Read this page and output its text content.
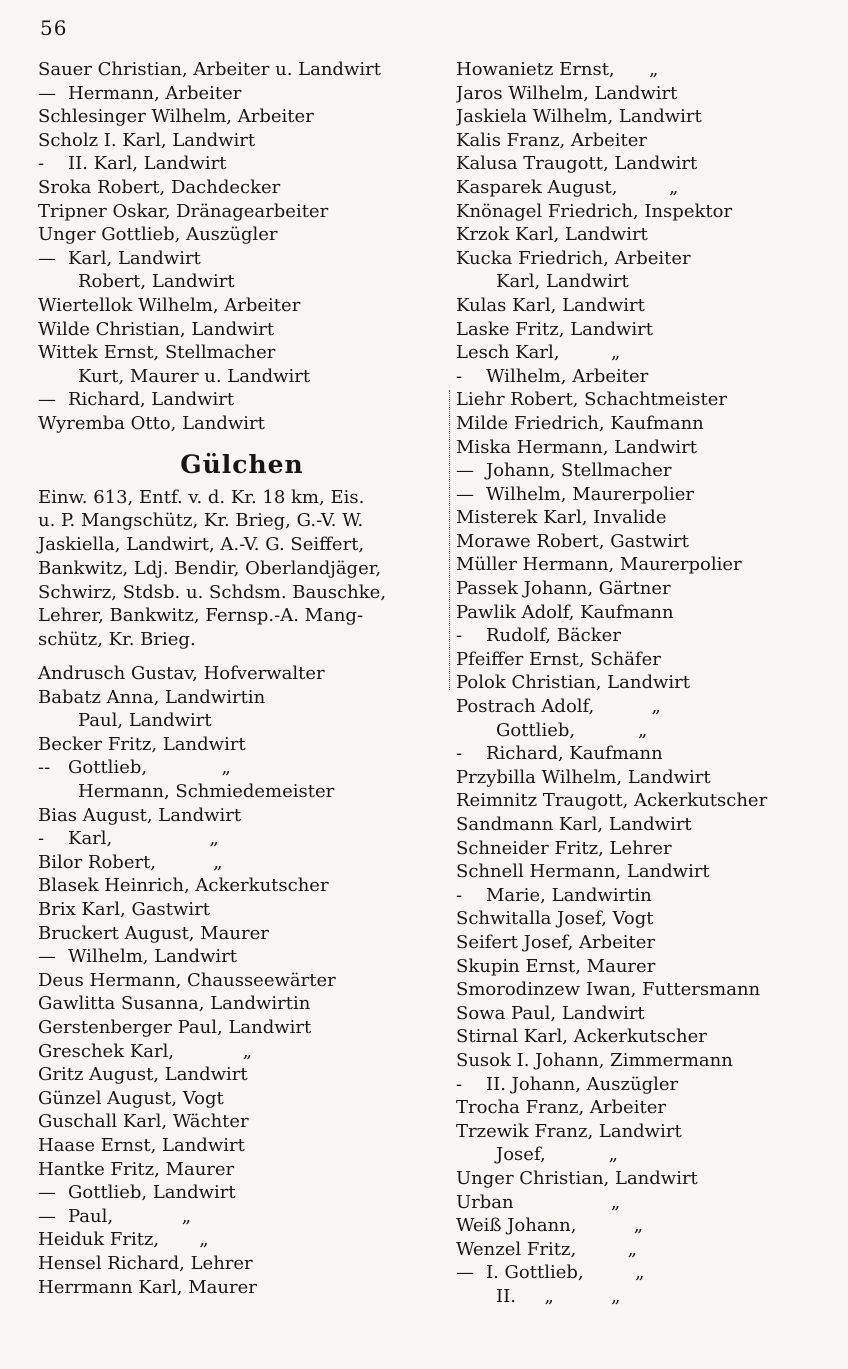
56
Sauer Christian, Arbeiter u. Landwirt
— Hermann, Arbeiter
Schlesinger Wilhelm, Arbeiter
Scholz I. Karl, Landwirt
- II. Karl, Landwirt
Sroka Robert, Dachdecker
Tripner Oskar, Dränagearbeiter
Unger Gottlieb, Auszügler
— Karl, Landwirt
Robert, Landwirt
Wiertellok Wilhelm, Arbeiter
Wilde Christian, Landwirt
Wittek Ernst, Stellmacher
Kurt, Maurer u. Landwirt
— Richard, Landwirt
Wyremba Otto, Landwirt
Gülchen
Einw. 613, Entf. v. d. Kr. 18 km, Eis.
u. P. Mangschütz, Kr. Brieg, G.-V. W.
Jaskiella, Landwirt, A.-V. G. Seiffert,
Bankwitz, Ldj. Bendir, Oberlandjäger,
Schwirz, Stdsb. u. Schdsm. Bauschke,
Lehrer, Bankwitz, Fernsp.-A. Mang-
schütz, Kr. Brieg.
Andrusch Gustav, Hofverwalter
Babatz Anna, Landwirtin
Paul, Landwirt
Becker Fritz, Landwirt
-- Gottlieb,             „
Hermann, Schmiedemeister
Bias August, Landwirt
- Karl,                 „
Bilor Robert,          „
Blasek Heinrich, Ackerkutscher
Brix Karl, Gastwirt
Bruckert August, Maurer
— Wilhelm, Landwirt
Deus Hermann, Chausseewärter
Gawlitta Susanna, Landwirtin
Gerstenberger Paul, Landwirt
Greschek Karl,            „
Gritz August, Landwirt
Günzel August, Vogt
Guschall Karl, Wächter
Haase Ernst, Landwirt
Hantke Fritz, Maurer
— Gottlieb, Landwirt
— Paul,            „
Heiduk Fritz,       „
Hensel Richard, Lehrer
Herrmann Karl, Maurer
Howanietz Ernst,      „
Jaros Wilhelm, Landwirt
Jaskiela Wilhelm, Landwirt
Kalis Franz, Arbeiter
Kalusa Traugott, Landwirt
Kasparek August,         „
Knönagel Friedrich, Inspektor
Krzok Karl, Landwirt
Kucka Friedrich, Arbeiter
Karl, Landwirt
Kulas Karl, Landwirt
Laske Fritz, Landwirt
Lesch Karl,         „
- Wilhelm, Arbeiter
Liehr Robert, Schachtmeister
Milde Friedrich, Kaufmann
Miska Hermann, Landwirt
— Johann, Stellmacher
— Wilhelm, Maurerpolier
Misterek Karl, Invalide
Morawe Robert, Gastwirt
Müller Hermann, Maurerpolier
Passek Johann, Gärtner
Pawlik Adolf, Kaufmann
- Rudolf, Bäcker
Pfeiffer Ernst, Schäfer
Polok Christian, Landwirt
Postrach Adolf,          „
Gottlieb,           „
- Richard, Kaufmann
Przybilla Wilhelm, Landwirt
Reimnitz Traugott, Ackerkutscher
Sandmann Karl, Landwirt
Schneider Fritz, Lehrer
Schnell Hermann, Landwirt
- Marie, Landwirtin
Schwitalla Josef, Vogt
Seifert Josef, Arbeiter
Skupin Ernst, Maurer
Smorodinzew Iwan, Futtersmann
Sowa Paul, Landwirt
Stirnal Karl, Ackerkutscher
Susok I. Johann, Zimmermann
- II. Johann, Auszügler
Trocha Franz, Arbeiter
Trzewik Franz, Landwirt
Josef,           „
Unger Christian, Landwirt
Urban                 „
Weiß Johann,          „
Wenzel Fritz,         „
— I. Gottlieb,         „
II.     „          „
